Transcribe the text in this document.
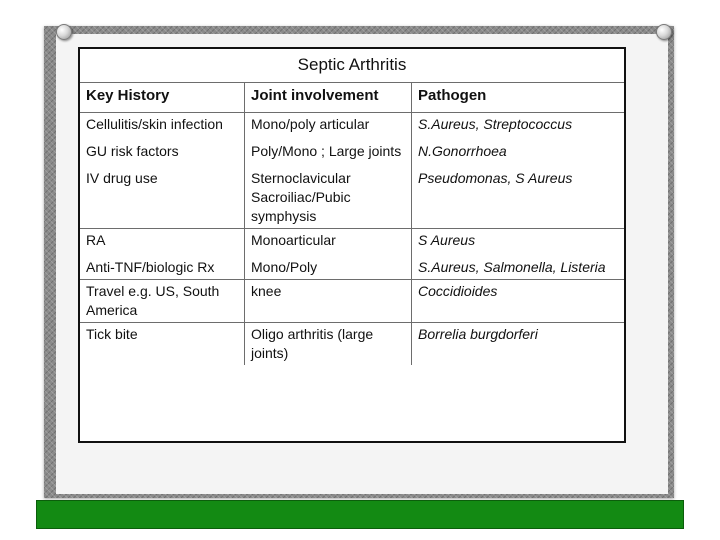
Septic Arthritis
Key History	Joint involvement	Pathogen
Cellulitis/skin infection	Mono/poly articular	S.Aureus, Streptococcus
GU risk factors	Poly/Mono ; Large joints	N.Gonorrhoea
IV drug use	Sternoclavicular Sacroiliac/Pubic symphysis	Pseudomonas, S Aureus
RA	Monoarticular	S Aureus
Anti-TNF/biologic Rx	Mono/Poly	S.Aureus, Salmonella, Listeria
Travel e.g. US, South America	knee	Coccidioides
Tick bite	Oligo arthritis (large joints)	Borrelia burgdorferi
